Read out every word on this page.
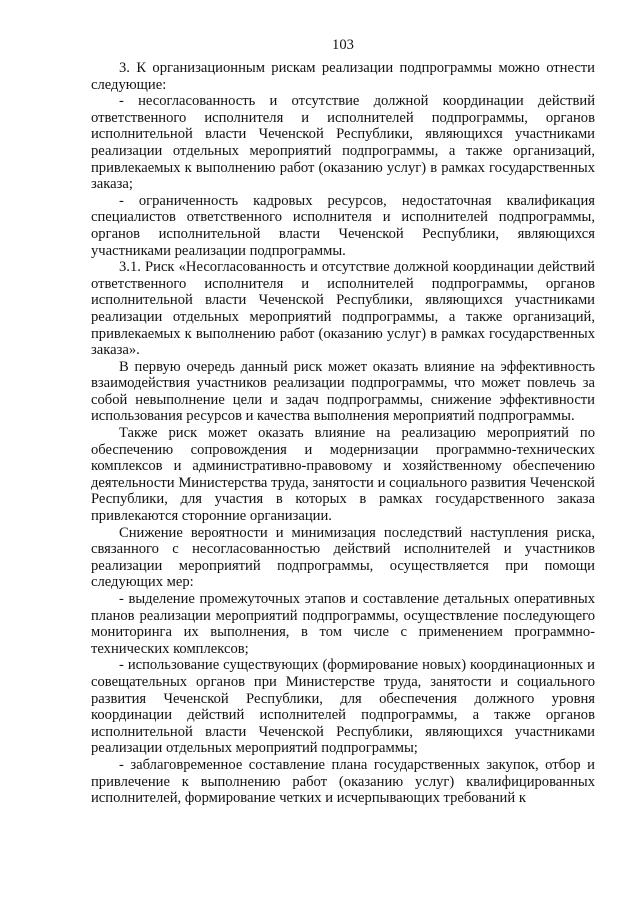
103

3. К организационным рискам реализации подпрограммы можно отнести следующие:

- несогласованность и отсутствие должной координации действий ответственного исполнителя и исполнителей подпрограммы, органов исполнительной власти Чеченской Республики, являющихся участниками реализации отдельных мероприятий подпрограммы, а также организаций, привлекаемых к выполнению работ (оказанию услуг) в рамках государственных заказа;

- ограниченность кадровых ресурсов, недостаточная квалификация специалистов ответственного исполнителя и исполнителей подпрограммы, органов исполнительной власти Чеченской Республики, являющихся участниками реализации подпрограммы.

3.1. Риск «Несогласованность и отсутствие должной координации действий ответственного исполнителя и исполнителей подпрограммы, органов исполнительной власти Чеченской Республики, являющихся участниками реализации отдельных мероприятий подпрограммы, а также организаций, привлекаемых к выполнению работ (оказанию услуг) в рамках государственных заказа».

В первую очередь данный риск может оказать влияние на эффективность взаимодействия участников реализации подпрограммы, что может повлечь за собой невыполнение цели и задач подпрограммы, снижение эффективности использования ресурсов и качества выполнения мероприятий подпрограммы.

Также риск может оказать влияние на реализацию мероприятий по обеспечению сопровождения и модернизации программно-технических комплексов и административно-правовому и хозяйственному обеспечению деятельности Министерства труда, занятости и социального развития Чеченской Республики, для участия в которых в рамках государственного заказа привлекаются сторонние организации.

Снижение вероятности и минимизация последствий наступления риска, связанного с несогласованностью действий исполнителей и участников реализации мероприятий подпрограммы, осуществляется при помощи следующих мер:

- выделение промежуточных этапов и составление детальных оперативных планов реализации мероприятий подпрограммы, осуществление последующего мониторинга их выполнения, в том числе с применением программно-технических комплексов;

- использование существующих (формирование новых) координационных и совещательных органов при Министерстве труда, занятости и социального развития Чеченской Республики, для обеспечения должного уровня координации действий исполнителей подпрограммы, а также органов исполнительной власти Чеченской Республики, являющихся участниками реализации отдельных мероприятий подпрограммы;

- заблаговременное составление плана государственных закупок, отбор и привлечение к выполнению работ (оказанию услуг) квалифицированных исполнителей, формирование четких и исчерпывающих требований к
